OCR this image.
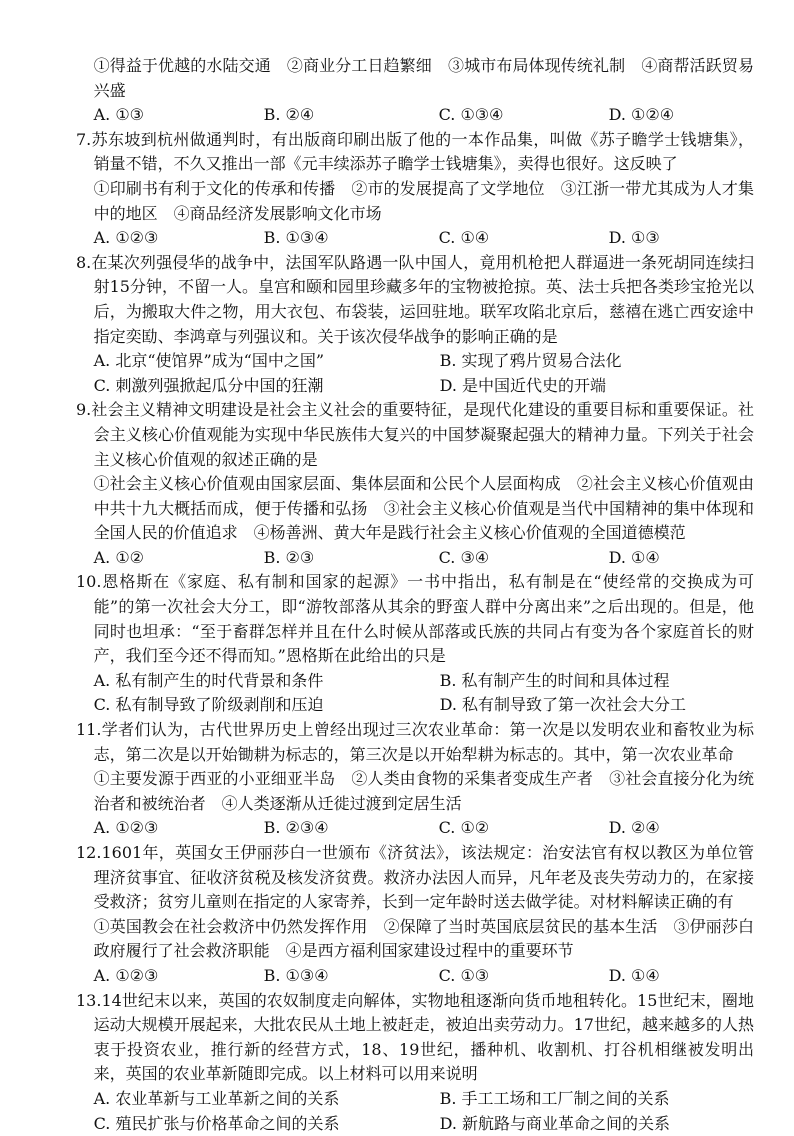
①得益于优越的水陆交通　②商业分工日趋繁细　③城市布局体现传统礼制　④商帮活跃贸易兴盛

A. ①③	B. ②④	C. ①③④	D. ①②④

7.苏东坡到杭州做通判时，有出版商印刷出版了他的一本作品集，叫做《苏子瞻学士钱塘集》，销量不错，不久又推出一部《元丰续添苏子瞻学士钱塘集》，卖得也很好。这反映了

①印刷书有利于文化的传承和传播　②市的发展提高了文学地位　③江浙一带尤其成为人才集中的地区　④商品经济发展影响文化市场

A. ①②③	B. ①③④	C. ①④	D. ①③

8.在某次列强侵华的战争中，法国军队路遇一队中国人，竟用机枪把人群逼进一条死胡同连续扫射15分钟，不留一人。皇宫和颐和园里珍藏多年的宝物被抢掠。英、法士兵把各类珍宝抢光以后，为搬取大件之物，用大衣包、布袋装，运回驻地。联军攻陷北京后，慈禧在逃亡西安途中指定奕劻、李鸿章与列强议和。关于该次侵华战争的影响正确的是

A. 北京“使馆界”成为“国中之国”	B. 实现了鸦片贸易合法化
C. 刺激列强掀起瓜分中国的狂潮	D. 是中国近代史的开端

9.社会主义精神文明建设是社会主义社会的重要特征，是现代化建设的重要目标和重要保证。社会主义核心价值观能为实现中华民族伟大复兴的中国梦凝聚起强大的精神力量。下列关于社会主义核心价值观的叙述正确的是

①社会主义核心价值观由国家层面、集体层面和公民个人层面构成　②社会主义核心价值观由中共十九大概括而成，便于传播和弘扬　③社会主义核心价值观是当代中国精神的集中体现和全国人民的价值追求　④杨善洲、黄大年是践行社会主义核心价值观的全国道德模范

A. ①②	B. ②③	C. ③④	D. ①④

10.恩格斯在《家庭、私有制和国家的起源》一书中指出，私有制是在“使经常的交换成为可能”的第一次社会大分工，即“游牧部落从其余的野蛮人群中分离出来”之后出现的。但是，他同时也坦承：“至于畜群怎样并且在什么时候从部落或氏族的共同占有变为各个家庭首长的财产，我们至今还不得而知。”恩格斯在此给出的只是

A. 私有制产生的时代背景和条件	B. 私有制产生的时间和具体过程
C. 私有制导致了阶级剥削和压迫	D. 私有制导致了第一次社会大分工

11.学者们认为，古代世界历史上曾经出现过三次农业革命：第一次是以发明农业和畜牧业为标志，第二次是以开始锄耕为标志的，第三次是以开始犁耕为标志的。其中，第一次农业革命

①主要发源于西亚的小亚细亚半岛　②人类由食物的采集者变成生产者　③社会直接分化为统治者和被统治者　④人类逐渐从迁徙过渡到定居生活

A. ①②③	B. ②③④	C. ①②	D. ②④

12.1601年，英国女王伊丽莎白一世颁布《济贫法》，该法规定：治安法官有权以教区为单位管理济贫事宜、征收济贫税及核发济贫费。救济办法因人而异，凡年老及丧失劳动力的，在家接受救济；贫穷儿童则在指定的人家寄养，长到一定年龄时送去做学徒。对材料解读正确的有

①英国教会在社会救济中仍然发挥作用　②保障了当时英国底层贫民的基本生活　③伊丽莎白政府履行了社会救济职能　④是西方福利国家建设过程中的重要环节

A. ①②③	B. ①③④	C. ①③	D. ①④

13.14世纪末以来，英国的农奴制度走向解体，实物地租逐渐向货币地租转化。15世纪末，圈地运动大规模开展起来，大批农民从土地上被赶走，被迫出卖劳动力。17世纪，越来越多的人热衷于投资农业，推行新的经营方式，18、19世纪，播种机、收割机、打谷机相继被发明出来，英国的农业革新随即完成。以上材料可以用来说明

A. 农业革新与工业革新之间的关系	B. 手工工场和工厂制之间的关系
C. 殖民扩张与价格革命之间的关系	D. 新航路与商业革命之间的关系
